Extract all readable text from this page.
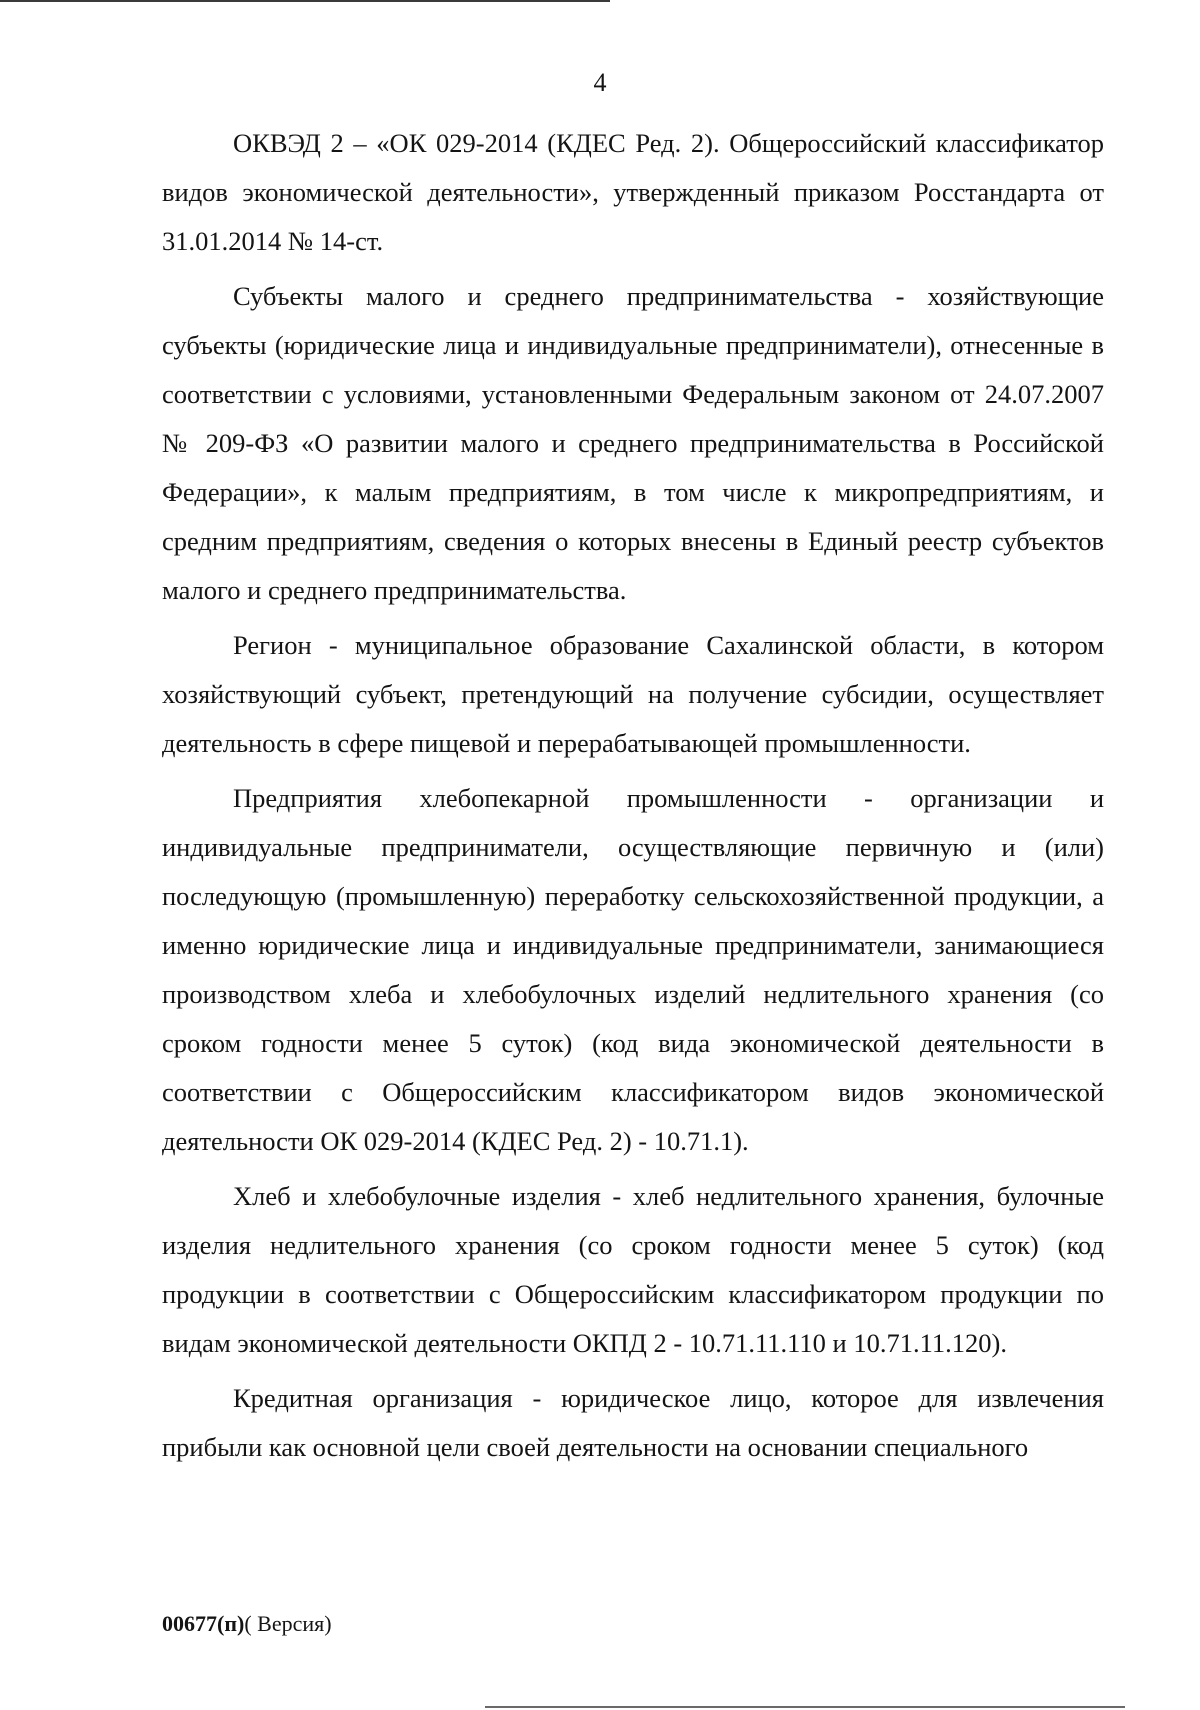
4

ОКВЭД 2 – «ОК 029-2014 (КДЕС Ред. 2). Общероссийский классификатор видов экономической деятельности», утвержденный приказом Росстандарта от 31.01.2014 № 14-ст.

Субъекты малого и среднего предпринимательства - хозяйствующие субъекты (юридические лица и индивидуальные предприниматели), отнесенные в соответствии с условиями, установленными Федеральным законом от 24.07.2007 № 209-ФЗ «О развитии малого и среднего предпринимательства в Российской Федерации», к малым предприятиям, в том числе к микропредприятиям, и средним предприятиям, сведения о которых внесены в Единый реестр субъектов малого и среднего предпринимательства.

Регион - муниципальное образование Сахалинской области, в котором хозяйствующий субъект, претендующий на получение субсидии, осуществляет деятельность в сфере пищевой и перерабатывающей промышленности.

Предприятия хлебопекарной промышленности - организации и индивидуальные предприниматели, осуществляющие первичную и (или) последующую (промышленную) переработку сельскохозяйственной продукции, а именно юридические лица и индивидуальные предприниматели, занимающиеся производством хлеба и хлебобулочных изделий недлительного хранения (со сроком годности менее 5 суток) (код вида экономической деятельности в соответствии с Общероссийским классификатором видов экономической деятельности ОК 029-2014 (КДЕС Ред. 2) - 10.71.1).

Хлеб и хлебобулочные изделия - хлеб недлительного хранения, булочные изделия недлительного хранения (со сроком годности менее 5 суток) (код продукции в соответствии с Общероссийским классификатором продукции по видам экономической деятельности ОКПД 2 - 10.71.11.110 и 10.71.11.120).

Кредитная организация - юридическое лицо, которое для извлечения прибыли как основной цели своей деятельности на основании специального

00677(п)( Версия)
